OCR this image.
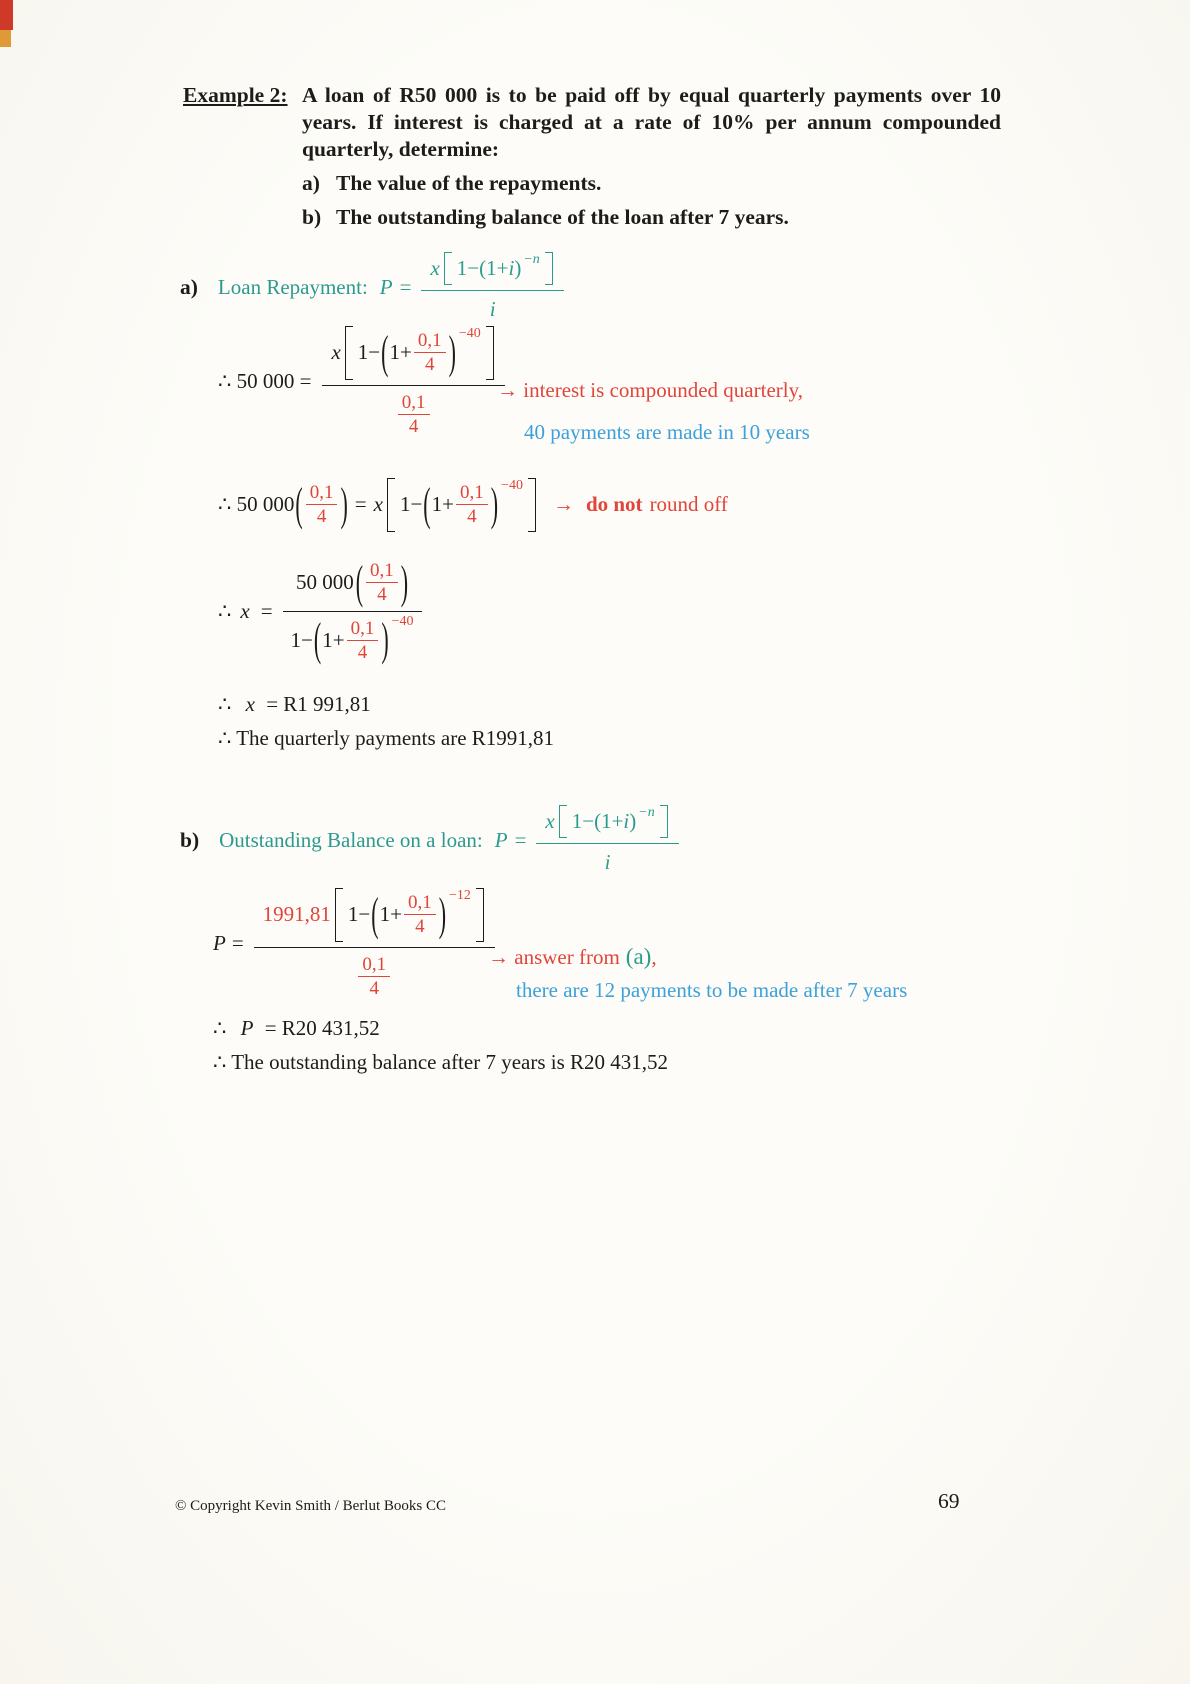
Example 2: A loan of R50 000 is to be paid off by equal quarterly payments over 10 years. If interest is charged at a rate of 10% per annum compounded quarterly, determine:

a) The value of the repayments.
b) The outstanding balance of the loan after 7 years.
a) Loan Repayment: P =
x 1−(1+ i ) −n
i
∴ 50 000 =
x 1− ( $1+ \frac{0,1}{4}$ ) −40
$\frac{0,1}{4}$
→ interest is compounded quarterly,
40 payments are made in 10 years
∴ 50 000 ( $\frac{0,1}{4}$ ) = x 1− ( $1+ \frac{0,1}{4}$ ) −40
→ do not round off
∴ x =
50 000 ( $\frac{0,1}{4}$ )
1− ( $1+ \frac{0,1}{4}$ ) −40
∴ x = R1 991,81
∴ The quarterly payments are R1991,81
b) Outstanding Balance on a loan: P =
x 1−(1+ i ) −n
i
P =
1991,81 1− ( $1+ \frac{0,1}{4}$ ) −12
$\frac{0,1}{4}$	→ answer from (a) ,
there are 12 payments to be made after 7 years
∴ P = R20 431,52
∴ The outstanding balance after 7 years is R20 431,52
© Copyright Kevin Smith / Berlut Books CC	69
